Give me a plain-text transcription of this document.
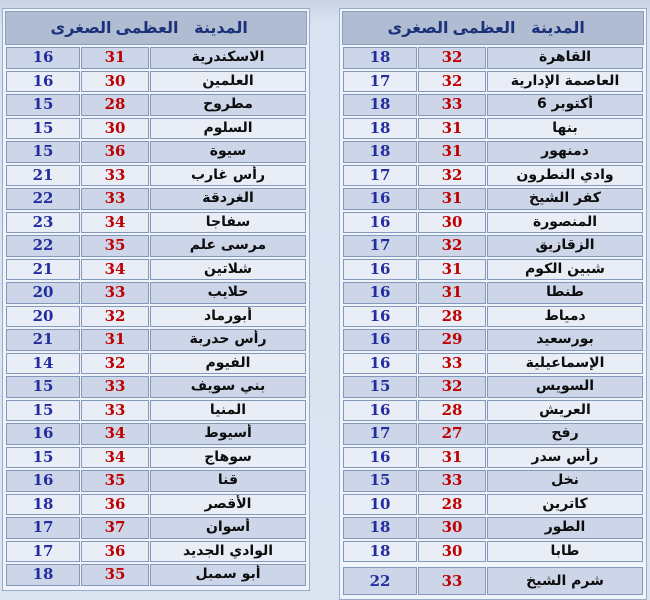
الصغرى العظمى المدينة
16	31	الاسكندرية
16	30	العلمين
15	28	مطروح
15	30	السلوم
15	36	سيوة
21	33	رأس غارب
22	33	الغردقة
23	34	سفاجا
22	35	مرسى علم
21	34	شلاتين
20	33	حلايب
20	32	أبورماد
21	31	رأس حدربة
14	32	الفيوم
15	33	بني سويف
15	33	المنيا
16	34	أسيوط
15	34	سوهاج
16	35	قنا
18	36	الأقصر
17	37	أسوان
17	36	الوادي الجديد
18	35	أبو سمبل
الصغرى العظمى المدينة
18	32	القاهرة
17	32	العاصمة الإدارية
18	33	6 أكتوبر
18	31	بنها
18	31	دمنهور
17	32	وادي النطرون
16	31	كفر الشيخ
16	30	المنصورة
17	32	الزقازيق
16	31	شبين الكوم
16	31	طنطا
16	28	دمياط
16	29	بورسعيد
16	33	الإسماعيلية
15	32	السويس
16	28	العريش
17	27	رفح
16	31	رأس سدر
15	33	نخل
10	28	كاترين
18	30	الطور
18	30	طابا

22	33	شرم الشيخ
